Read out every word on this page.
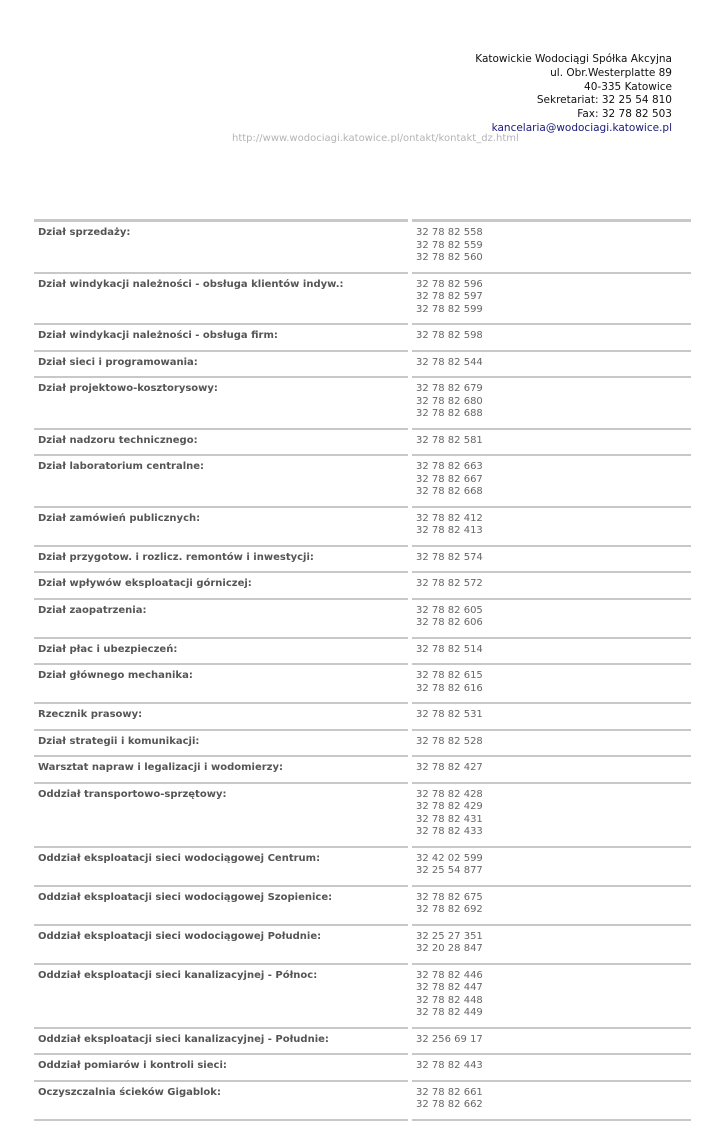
Katowickie Wodociągi Spółka Akcyjna
ul. Obr.Westerplatte 89
40-335 Katowice
Sekretariat: 32 25 54 810
Fax: 32 78 82 503
kancelaria@wodociagi.katowice.pl
http://www.wodociagi.katowice.pl/ontakt/kontakt_dz.html
Dział sprzedaży:	32 78 82 558
32 78 82 559
32 78 82 560
Dział windykacji należności - obsługa klientów indyw.:	32 78 82 596
32 78 82 597
32 78 82 599
Dział windykacji należności - obsługa firm:	32 78 82 598
Dział sieci i programowania:	32 78 82 544
Dział projektowo-kosztorysowy:	32 78 82 679
32 78 82 680
32 78 82 688
Dział nadzoru technicznego:	32 78 82 581
Dział laboratorium centralne:	32 78 82 663
32 78 82 667
32 78 82 668
Dział zamówień publicznych:	32 78 82 412
32 78 82 413
Dział przygotow. i rozlicz. remontów i inwestycji:	32 78 82 574
Dział wpływów eksploatacji górniczej:	32 78 82 572
Dział zaopatrzenia:	32 78 82 605
32 78 82 606
Dział płac i ubezpieczeń:	32 78 82 514
Dział głównego mechanika:	32 78 82 615
32 78 82 616
Rzecznik prasowy:	32 78 82 531
Dział strategii i komunikacji:	32 78 82 528
Warsztat napraw i legalizacji i wodomierzy:	32 78 82 427
Oddział transportowo-sprzętowy:	32 78 82 428
32 78 82 429
32 78 82 431
32 78 82 433
Oddział eksploatacji sieci wodociągowej Centrum:	32 42 02 599
32 25 54 877
Oddział eksploatacji sieci wodociągowej Szopienice:	32 78 82 675
32 78 82 692
Oddział eksploatacji sieci wodociągowej Południe:	32 25 27 351
32 20 28 847
Oddział eksploatacji sieci kanalizacyjnej - Północ:	32 78 82 446
32 78 82 447
32 78 82 448
32 78 82 449
Oddział eksploatacji sieci kanalizacyjnej - Południe:	32 256 69 17
Oddział pomiarów i kontroli sieci:	32 78 82 443
Oczyszczalnia ścieków Gigablok:	32 78 82 661
32 78 82 662
